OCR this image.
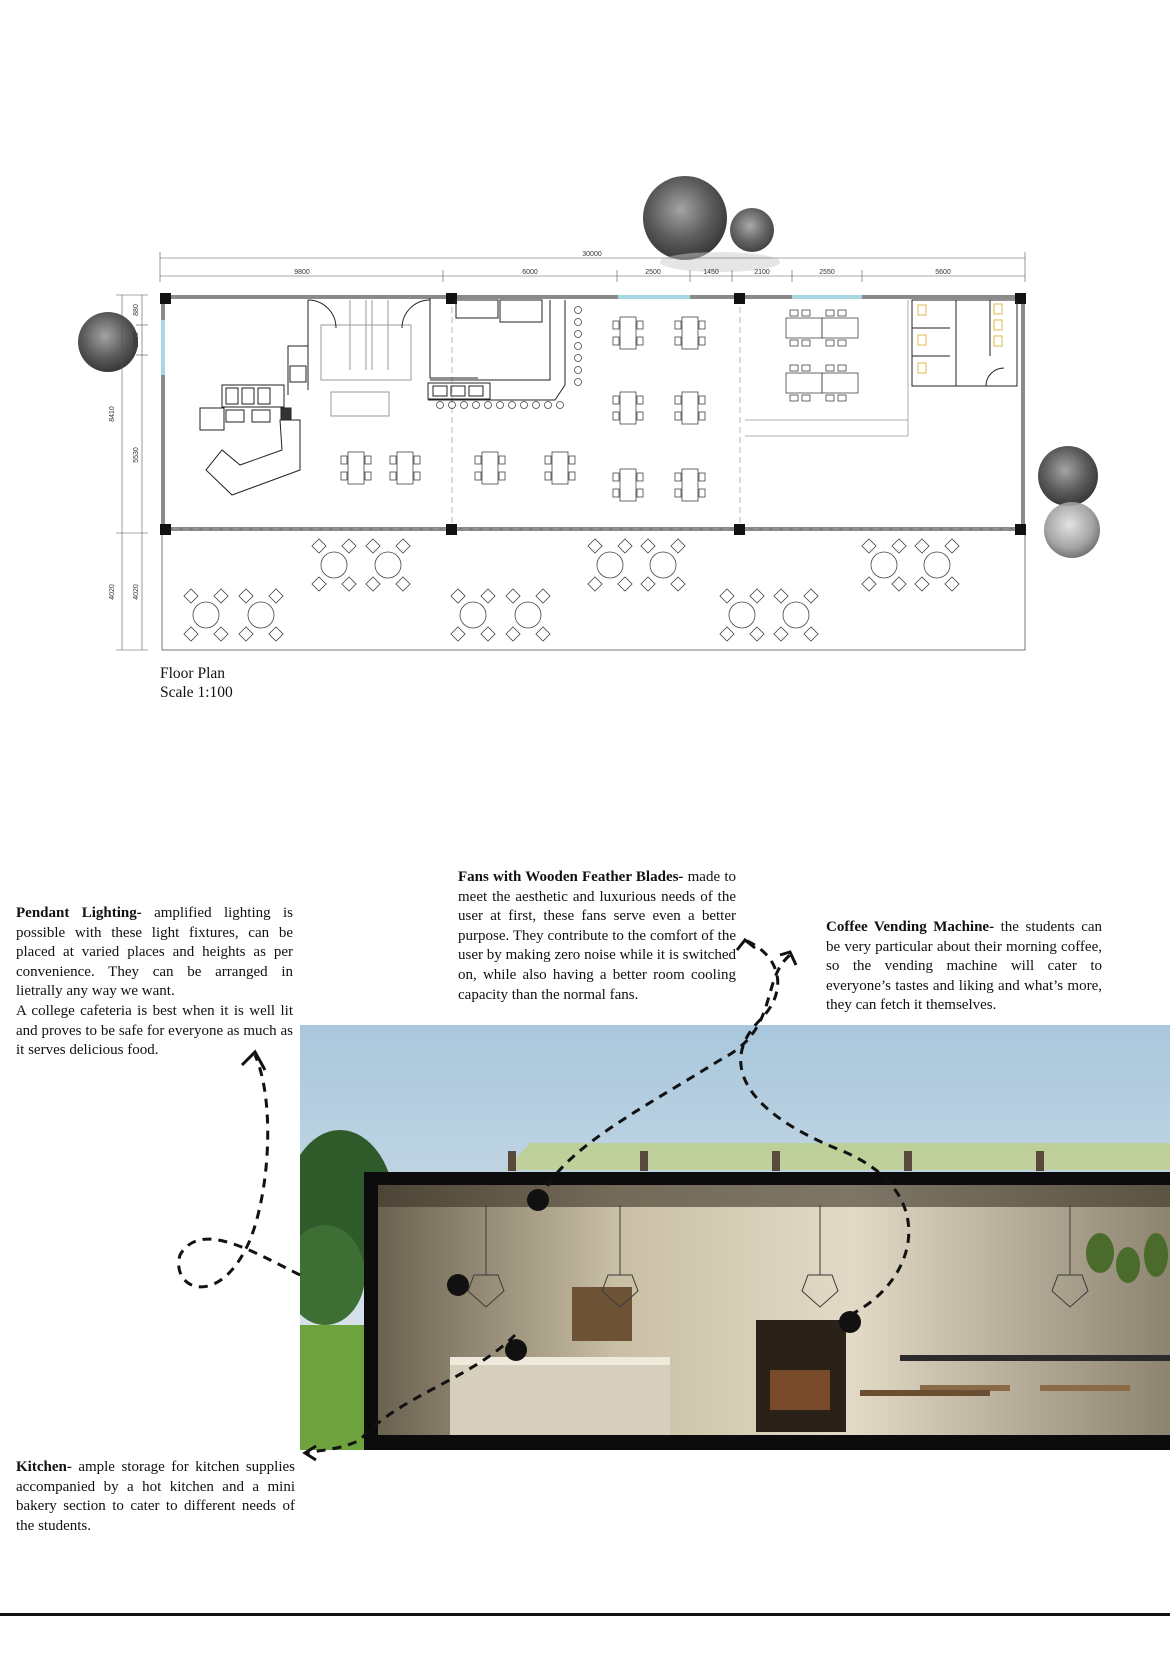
30000
9800	6000	2500	1450	2100	2550	5600
8410
880
1000
5530
4020 4020
Floor Plan
Scale 1:100
Pendant Lighting- amplified lighting is possible with these light fixtures, can be placed at varied places and heights as per convenience. They can be arranged in lietrally any way we want.
A college cafeteria is best when it is well lit and proves to be safe for everyone as much as it serves delicious food.
Fans with Wooden Feather Blades- made to meet the aesthetic and luxurious needs of the user at first, these fans serve even a better purpose. They contribute to the comfort of the user by making zero noise while it is switched on, while also having a better room cooling capacity than the normal fans.
Coffee Vending Machine- the students can be very particular about their morning coffee, so the vending machine will cater to everyone’s tastes and liking and what’s more, they can fetch it themselves.
Kitchen- ample storage for kitchen supplies accompanied by a hot kitchen and a mini bakery section to cater to different needs of the students.
